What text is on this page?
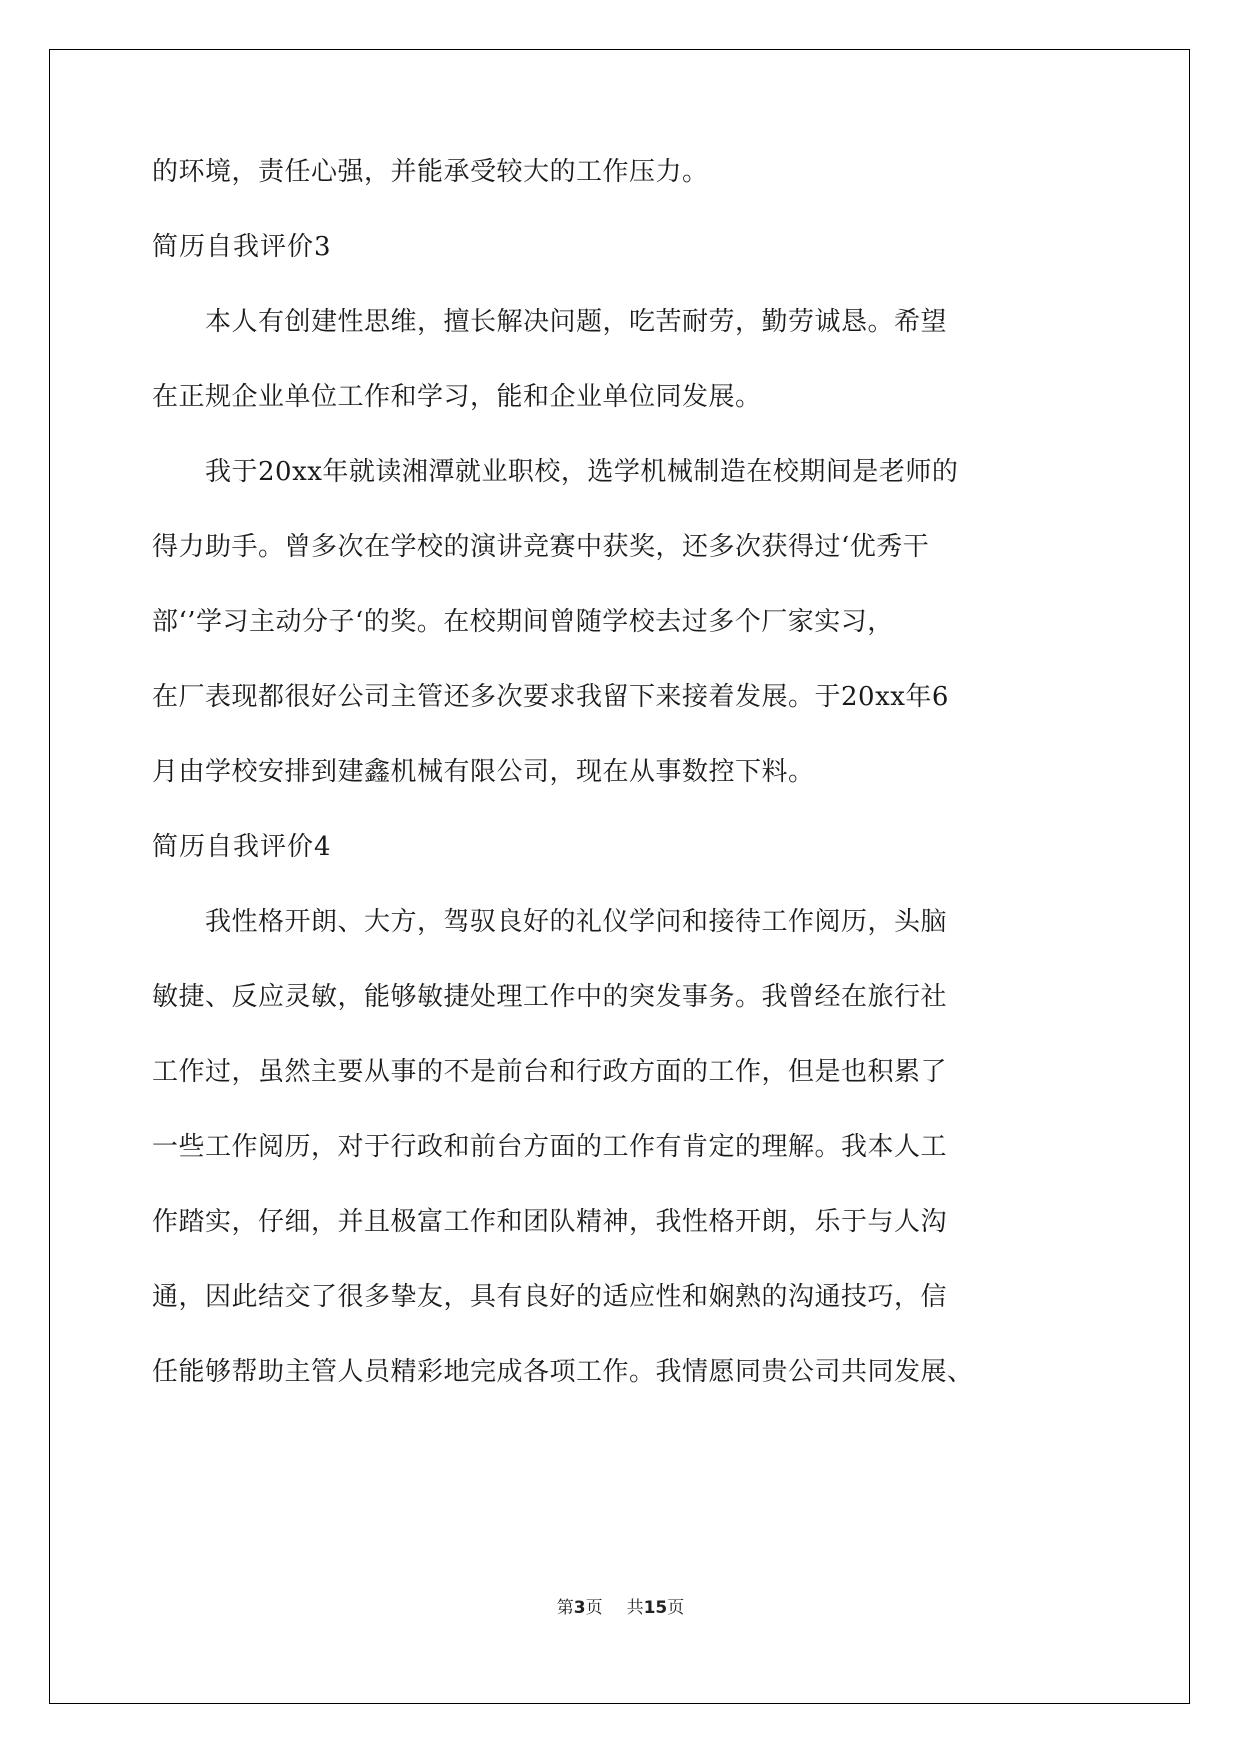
的环境，责任心强，并能承受较大的工作压力。

简历自我评价3

　　本人有创建性思维，擅长解决问题，吃苦耐劳，勤劳诚恳。希望

在正规企业单位工作和学习，能和企业单位同发展。

　　我于20xx年就读湘潭就业职校，选学机械制造在校期间是老师的

得力助手。曾多次在学校的演讲竞赛中获奖，还多次获得过‘优秀干

部‘’学习主动分子‘的奖。在校期间曾随学校去过多个厂家实习，

在厂表现都很好公司主管还多次要求我留下来接着发展。于20xx年6

月由学校安排到建鑫机械有限公司，现在从事数控下料。

简历自我评价4

　　我性格开朗、大方，驾驭良好的礼仪学问和接待工作阅历，头脑

敏捷、反应灵敏，能够敏捷处理工作中的突发事务。我曾经在旅行社

工作过，虽然主要从事的不是前台和行政方面的工作，但是也积累了

一些工作阅历，对于行政和前台方面的工作有肯定的理解。我本人工

作踏实，仔细，并且极富工作和团队精神，我性格开朗，乐于与人沟

通，因此结交了很多挚友，具有良好的适应性和娴熟的沟通技巧，信

任能够帮助主管人员精彩地完成各项工作。我情愿同贵公司共同发展、

第3页 共15页
